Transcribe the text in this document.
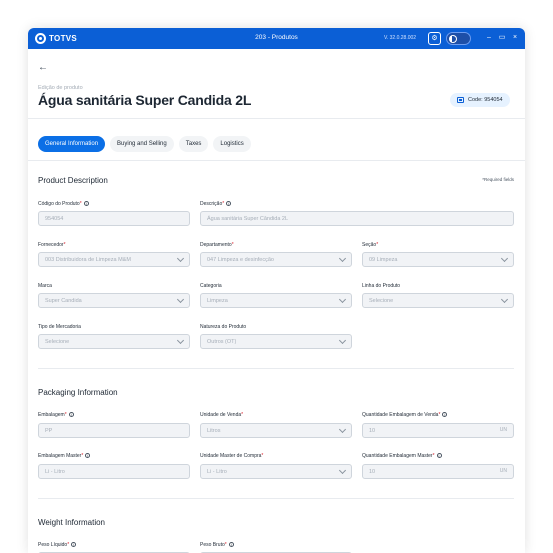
TOTVS	203 - Produtos	V. 32.0.28.002 ⚙	–	▭	×
←
Edição de produto
Água sanitária Super Candida 2L	Code: 954054
General Information	Buying and Selling	Taxes	Logistics
Product Description	*Required fields
Código do Produto* i
954054
Descrição* i
Água sanitária Super Cândida 2L
Fornecedor*
003 Distribuidora de Limpeza M&M
Departamento*
047 Limpeza e desinfecção
Seção*
09 Limpeza
Marca
Super Candida
Categoria
Limpeza
Linha do Produto
Selecione
Tipo de Mercadoria
Selecione
Natureza do Produto
Outros (OT)
Packaging Information
Embalagem* i
PP
Unidade de Venda*
Litros
Quantidade Embalagem de Venda* i
10	UN
Embalagem Master* i
Li - Litro
Unidade Master de Compra*
Li - Litro
Quantidade Embalagem Master* i
10	UN
Weight Information
Peso Líquido* i	Peso Bruto* i
